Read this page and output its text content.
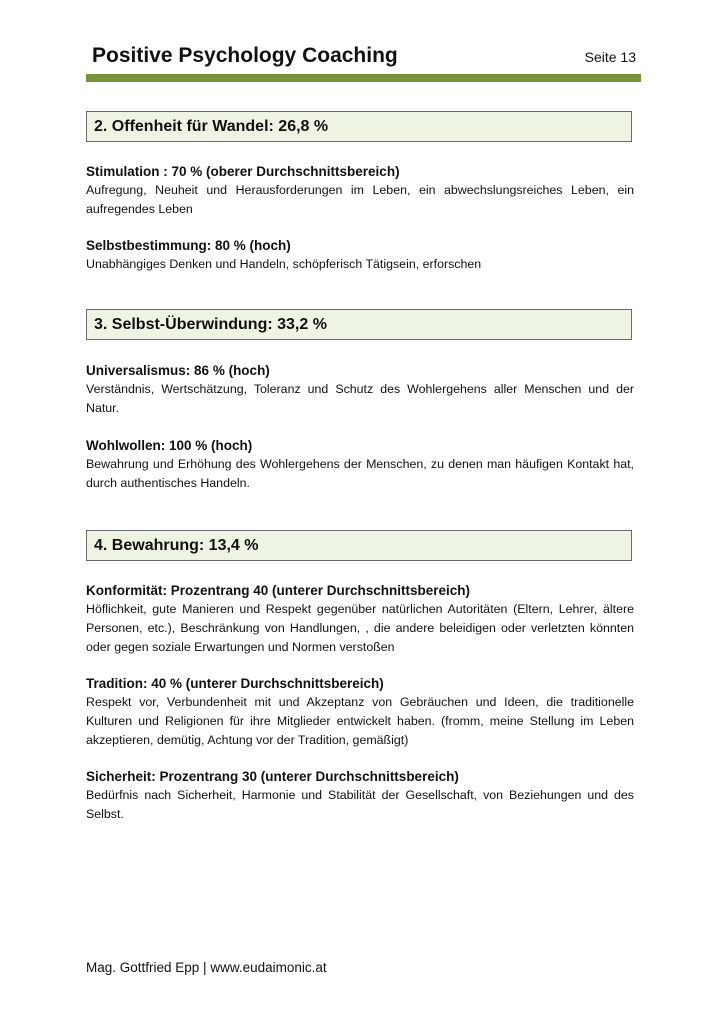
Positive Psychology Coaching	Seite 13
2. Offenheit für Wandel: 26,8 %

Stimulation : 70 % (oberer Durchschnittsbereich)

Aufregung, Neuheit und Herausforderungen im Leben, ein abwechslungsreiches Leben, ein aufregendes Leben

Selbstbestimmung: 80 % (hoch)

Unabhängiges Denken und Handeln, schöpferisch Tätigsein, erforschen

3. Selbst-Überwindung: 33,2 %

Universalismus: 86 % (hoch)

Verständnis, Wertschätzung, Toleranz und Schutz des Wohlergehens aller Menschen und der Natur.

Wohlwollen: 100 % (hoch)

Bewahrung und Erhöhung des Wohlergehens der Menschen, zu denen man häufigen Kontakt hat, durch authentisches Handeln.

4. Bewahrung: 13,4 %

Konformität: Prozentrang 40 (unterer Durchschnittsbereich)

Höflichkeit, gute Manieren und Respekt gegenüber natürlichen Autoritäten (Eltern, Lehrer, ältere Personen, etc.), Beschränkung von Handlungen, , die andere beleidigen oder verletzten könnten oder gegen soziale Erwartungen und Normen verstoßen

Tradition: 40 % (unterer Durchschnittsbereich)

Respekt vor, Verbundenheit mit und Akzeptanz von Gebräuchen und Ideen, die traditionelle Kulturen und Religionen für ihre Mitglieder entwickelt haben. (fromm, meine Stellung im Leben akzeptieren, demütig, Achtung vor der Tradition, gemäßigt)

Sicherheit: Prozentrang 30 (unterer Durchschnittsbereich)

Bedürfnis nach Sicherheit, Harmonie und Stabilität der Gesellschaft, von Beziehungen und des Selbst.

Mag. Gottfried Epp | www.eudaimonic.at
